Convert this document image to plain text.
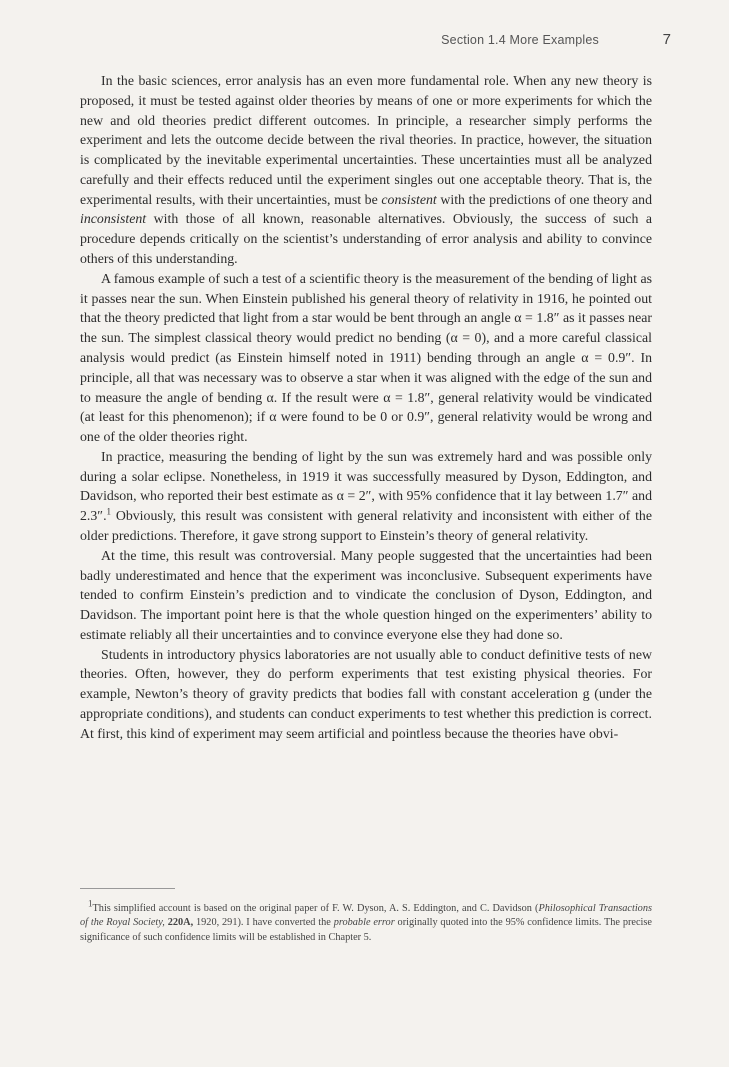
Section 1.4 More Examples	7

In the basic sciences, error analysis has an even more fundamental role. When any new theory is proposed, it must be tested against older theories by means of one or more experiments for which the new and old theories predict different outcomes. In principle, a researcher simply performs the experiment and lets the outcome decide between the rival theories. In practice, however, the situation is complicated by the inevitable experimental uncertainties. These uncertainties must all be analyzed carefully and their effects reduced until the experiment singles out one acceptable theory. That is, the experimental results, with their uncertainties, must be consistent with the predictions of one theory and inconsistent with those of all known, reasonable alternatives. Obviously, the success of such a procedure depends critically on the scientist’s understanding of error analysis and ability to convince others of this understanding.

A famous example of such a test of a scientific theory is the measurement of the bending of light as it passes near the sun. When Einstein published his general theory of relativity in 1916, he pointed out that the theory predicted that light from a star would be bent through an angle α = 1.8″ as it passes near the sun. The simplest classical theory would predict no bending (α = 0), and a more careful classical analysis would predict (as Einstein himself noted in 1911) bending through an angle α = 0.9″. In principle, all that was necessary was to observe a star when it was aligned with the edge of the sun and to measure the angle of bending α. If the result were α = 1.8″, general relativity would be vindicated (at least for this phenomenon); if α were found to be 0 or 0.9″, general relativity would be wrong and one of the older theories right.

In practice, measuring the bending of light by the sun was extremely hard and was possible only during a solar eclipse. Nonetheless, in 1919 it was successfully measured by Dyson, Eddington, and Davidson, who reported their best estimate as α = 2″, with 95% confidence that it lay between 1.7″ and 2.3″.$^1$ Obviously, this result was consistent with general relativity and inconsistent with either of the older predictions. Therefore, it gave strong support to Einstein’s theory of general relativity.

At the time, this result was controversial. Many people suggested that the uncertainties had been badly underestimated and hence that the experiment was inconclusive. Subsequent experiments have tended to confirm Einstein’s prediction and to vindicate the conclusion of Dyson, Eddington, and Davidson. The important point here is that the whole question hinged on the experimenters’ ability to estimate reliably all their uncertainties and to convince everyone else they had done so.

Students in introductory physics laboratories are not usually able to conduct definitive tests of new theories. Often, however, they do perform experiments that test existing physical theories. For example, Newton’s theory of gravity predicts that bodies fall with constant acceleration g (under the appropriate conditions), and students can conduct experiments to test whether this prediction is correct. At first, this kind of experiment may seem artificial and pointless because the theories have obvi-

$^1$This simplified account is based on the original paper of F. W. Dyson, A. S. Eddington, and C. Davidson (Philosophical Transactions of the Royal Society, 220A, 1920, 291). I have converted the probable error originally quoted into the 95% confidence limits. The precise significance of such confidence limits will be established in Chapter 5.
